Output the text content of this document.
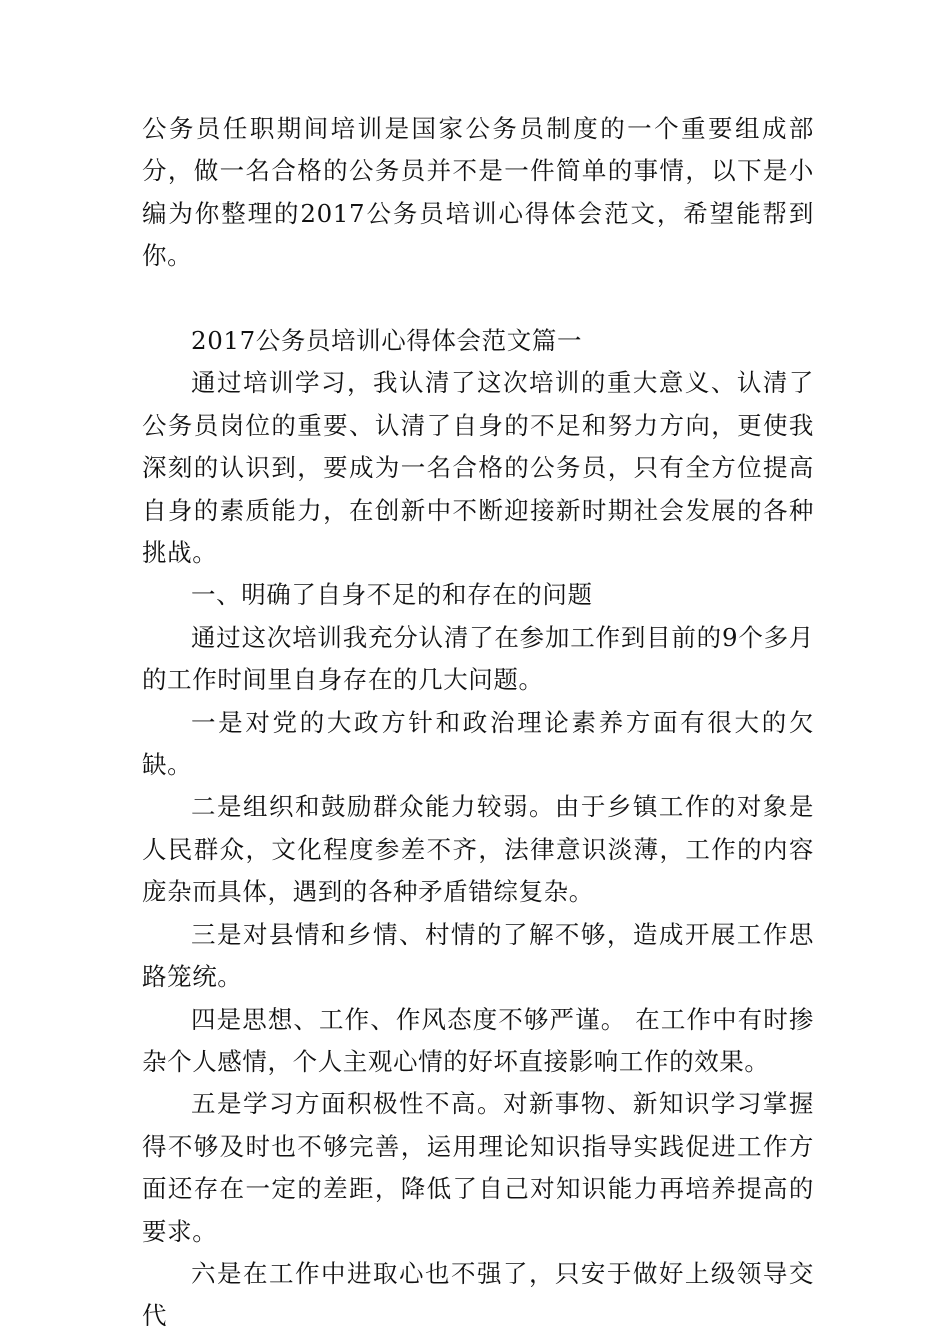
公务员任职期间培训是国家公务员制度的一个重要组成部分，做一名合格的公务员并不是一件简单的事情，以下是小编为你整理的2017公务员培训心得体会范文，希望能帮到你。

2017公务员培训心得体会范文篇一

通过培训学习，我认清了这次培训的重大意义、认清了公务员岗位的重要、认清了自身的不足和努力方向，更使我深刻的认识到，要成为一名合格的公务员，只有全方位提高自身的素质能力，在创新中不断迎接新时期社会发展的各种挑战。

一、明确了自身不足的和存在的问题

通过这次培训我充分认清了在参加工作到目前的9个多月的工作时间里自身存在的几大问题。

一是对党的大政方针和政治理论素养方面有很大的欠缺。

二是组织和鼓励群众能力较弱。由于乡镇工作的对象是人民群众，文化程度参差不齐，法律意识淡薄，工作的内容庞杂而具体，遇到的各种矛盾错综复杂。

三是对县情和乡情、村情的了解不够，造成开展工作思路笼统。

四是思想、工作、作风态度不够严谨。 在工作中有时掺杂个人感情，个人主观心情的好坏直接影响工作的效果。

五是学习方面积极性不高。对新事物、新知识学习掌握得不够及时也不够完善，运用理论知识指导实践促进工作方面还存在一定的差距，降低了自己对知识能力再培养提高的要求。

六是在工作中进取心也不强了，只安于做好上级领导交代
